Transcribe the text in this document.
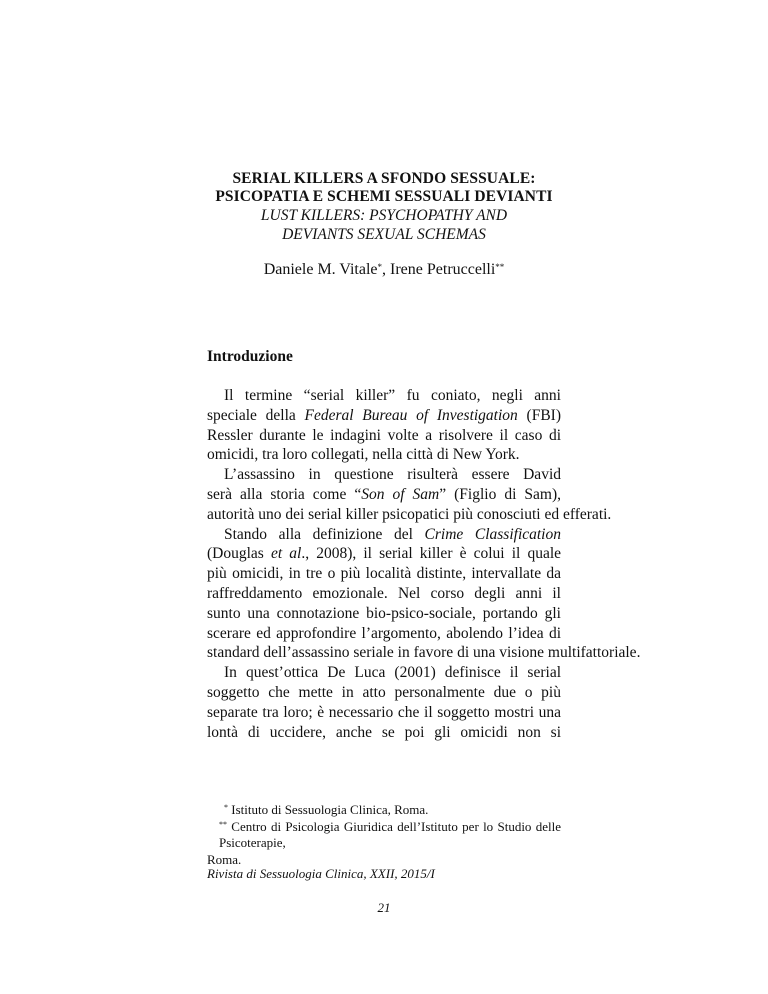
SERIAL KILLERS A SFONDO SESSUALE:
PSICOPATIA E SCHEMI SESSUALI DEVIANTI
LUST KILLERS: PSYCHOPATHY AND
DEVIANTS SEXUAL SCHEMAS
Daniele M. Vitale*, Irene Petruccelli**
Introduzione
Il termine “serial killer” fu coniato, negli anni
speciale della Federal Bureau of Investigation (FBI)
Ressler durante le indagini volte a risolvere il caso di
omicidi, tra loro collegati, nella città di New York.
L’assassino in questione risulterà essere David
serà alla storia come “Son of Sam” (Figlio di Sam),
autorità uno dei serial killer psicopatici più conosciuti ed efferati.
Stando alla definizione del Crime Classification
(Douglas et al., 2008), il serial killer è colui il quale
più omicidi, in tre o più località distinte, intervallate da
raffreddamento emozionale. Nel corso degli anni il
sunto una connotazione bio-psico-sociale, portando gli
scerare ed approfondire l’argomento, abolendo l’idea di
standard dell’assassino seriale in favore di una visione multifattoriale.
In quest’ottica De Luca (2001) definisce il serial
soggetto che mette in atto personalmente due o più
separate tra loro; è necessario che il soggetto mostri una
lontà di uccidere, anche se poi gli omicidi non si
* Istituto di Sessuologia Clinica, Roma.
** Centro di Psicologia Giuridica dell’Istituto per lo Studio delle Psicoterapie,
Roma.
Rivista di Sessuologia Clinica, XXII, 2015/I
21
